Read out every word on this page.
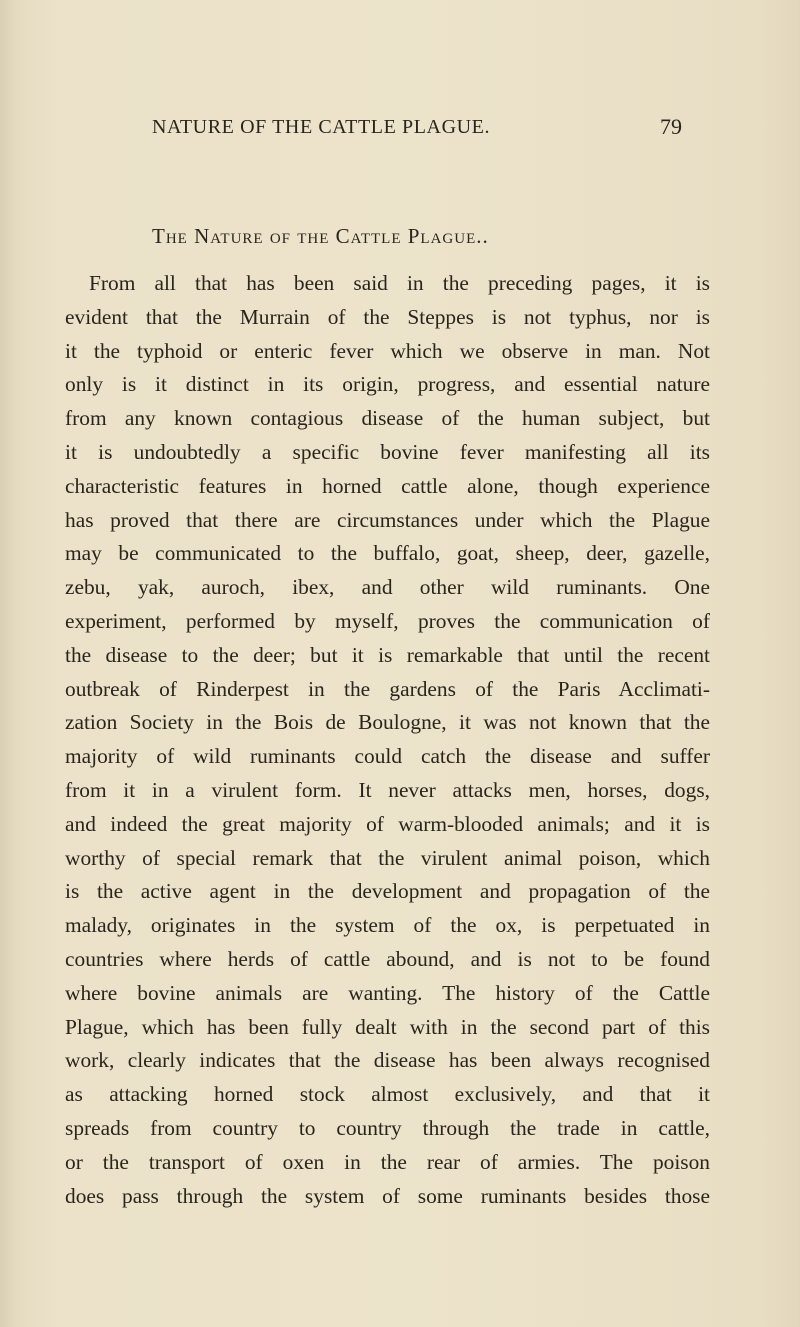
NATURE OF THE CATTLE PLAGUE.	79
The Nature of the Cattle Plague..
From all that has been said in the preceding pages, it is
evident that the Murrain of the Steppes is not typhus, nor is
it the typhoid or enteric fever which we observe in man. Not
only is it distinct in its origin, progress, and essential nature
from any known contagious disease of the human subject, but
it is undoubtedly a specific bovine fever manifesting all its
characteristic features in horned cattle alone, though experience
has proved that there are circumstances under which the Plague
may be communicated to the buffalo, goat, sheep, deer, gazelle,
zebu, yak, auroch, ibex, and other wild ruminants. One
experiment, performed by myself, proves the communication of
the disease to the deer; but it is remarkable that until the recent
outbreak of Rinderpest in the gardens of the Paris Acclimati-
zation Society in the Bois de Boulogne, it was not known that the
majority of wild ruminants could catch the disease and suffer
from it in a virulent form. It never attacks men, horses, dogs,
and indeed the great majority of warm-blooded animals; and it is
worthy of special remark that the virulent animal poison, which
is the active agent in the development and propagation of the
malady, originates in the system of the ox, is perpetuated in
countries where herds of cattle abound, and is not to be found
where bovine animals are wanting. The history of the Cattle
Plague, which has been fully dealt with in the second part of this
work, clearly indicates that the disease has been always recognised
as attacking horned stock almost exclusively, and that it
spreads from country to country through the trade in cattle,
or the transport of oxen in the rear of armies. The poison
does pass through the system of some ruminants besides those
